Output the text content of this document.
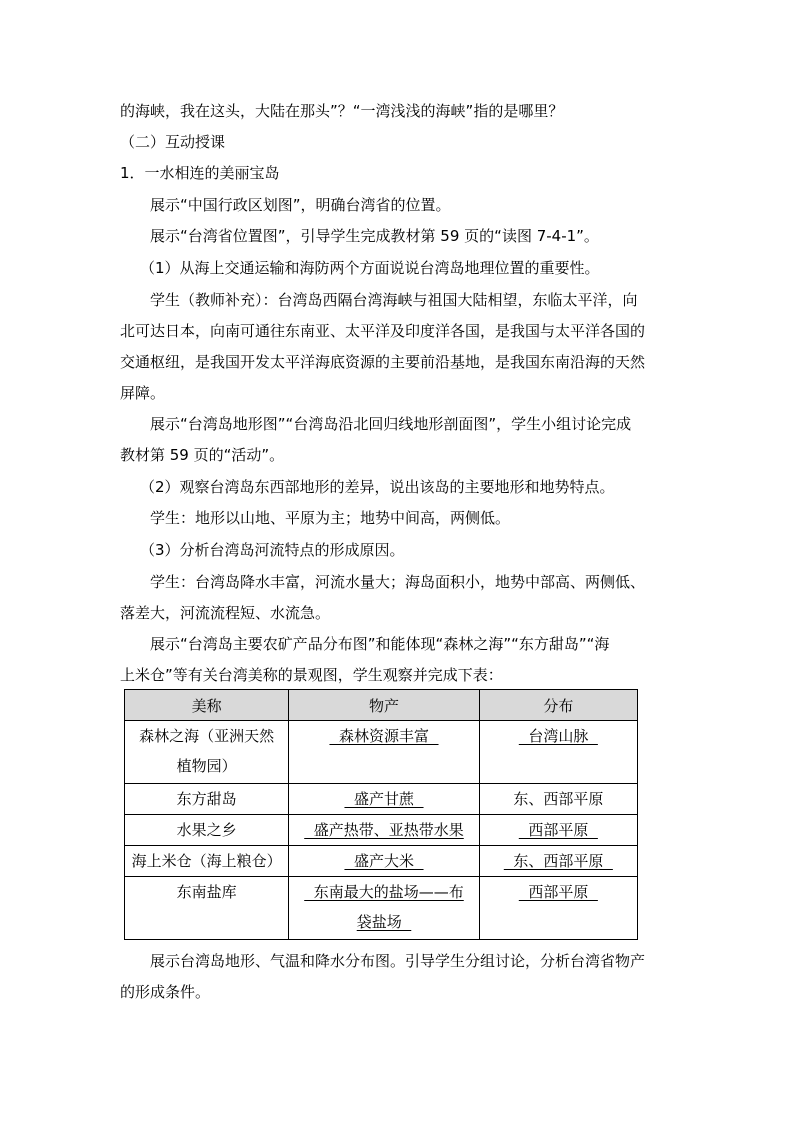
的海峡，我在这头，大陆在那头”？“一湾浅浅的海峡”指的是哪里？
（二）互动授课
1．一水相连的美丽宝岛
展示“中国行政区划图”，明确台湾省的位置。
展示“台湾省位置图”，引导学生完成教材第 59 页的“读图 7-4-1”。
（1）从海上交通运输和海防两个方面说说台湾岛地理位置的重要性。
学生（教师补充）：台湾岛西隔台湾海峡与祖国大陆相望，东临太平洋，向
北可达日本，向南可通往东南亚、太平洋及印度洋各国，是我国与太平洋各国的
交通枢纽，是我国开发太平洋海底资源的主要前沿基地，是我国东南沿海的天然
屏障。
展示“台湾岛地形图”“台湾岛沿北回归线地形剖面图”，学生小组讨论完成
教材第 59 页的“活动”。
（2）观察台湾岛东西部地形的差异，说出该岛的主要地形和地势特点。
学生：地形以山地、平原为主；地势中间高，两侧低。
（3）分析台湾岛河流特点的形成原因。
学生：台湾岛降水丰富，河流水量大；海岛面积小，地势中部高、两侧低、
落差大，河流流程短、水流急。
展示“台湾岛主要农矿产品分布图”和能体现“森林之海”“东方甜岛”“海
上米仓”等有关台湾美称的景观图，学生观察并完成下表：
美称	物产	分布

森林之海（亚洲天然
植物园）	森林资源丰富	台湾山脉

东方甜岛	盛产甘蔗	东、西部平原

水果之乡	盛产热带、亚热带水果	西部平原

海上米仓（海上粮仓）	盛产大米	东、西部平原

东南盐库	东南最大的盐场——布
袋盐场	西部平原
展示台湾岛地形、气温和降水分布图。引导学生分组讨论，分析台湾省物产
的形成条件。
